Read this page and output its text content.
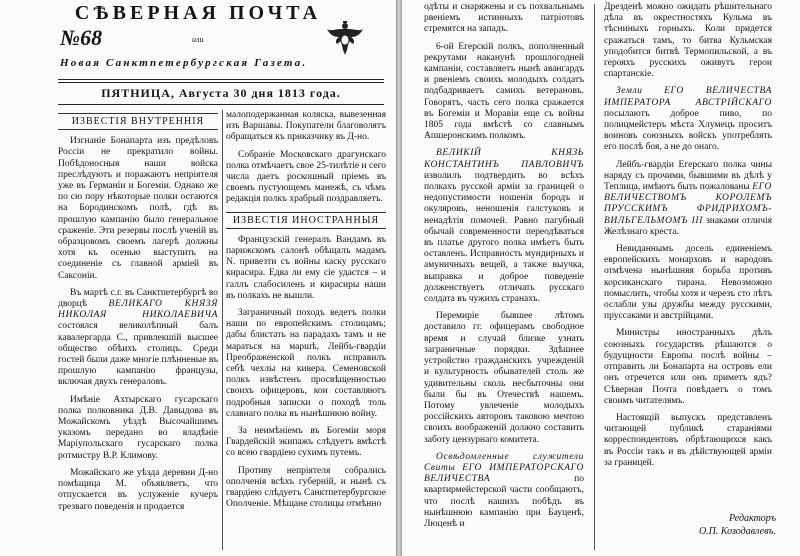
СѢВЕРНАЯ ПОЧТА
№68	или
Новая Санктпетербургская Газета.
ПЯТНИЦА, Августа 30 дня 1813 года.
ИЗВЕСТІЯ ВНУТРЕННІЯ

Изгнаніе Бонапарта изъ предѣловъ Россіи не прекратило войны. Побѣдоносныя наши войска преслѣдуютъ и поражаютъ непріятеля уже въ Германіи и Богеміи. Однако же по сю пору нѣкоторые полки остаются на Бородинскомъ полѣ, гдѣ въ прошлую кампанію было генеральное сраженіе. Эти резервы послѣ ученій въ образцовомъ своемъ лагерѣ должны хотя къ осенью выступить на соединеніе съ главной арміей въ Саксоніи.

Въ мартѣ с.г. въ Санктпетербургѣ во дворцѣ ВЕЛИКАГО КНЯЗЯ НИКОЛАЯ НИКОЛАЕВИЧА состоялся великолѣпный балъ кавалергарда С., привлекшій высшее общество обѣихъ столицъ. Среди гостей были даже многіе плѣнненые въ прошлую кампанію французы, включая двухъ генераловъ.

Имѣніе Ахтырскаго гусарскаго полка полковника Д.В. Давыдова въ Можайскомъ уѣздѣ Высочайшимъ указомъ передано во владѣніе Маріупольскаго гусарскаго полка ротмистру В.Р. Климову.

Можайскаго же уѣзда деревни Д-но помѣщица М. объявляетъ, что отпускается въ услуженіе кучеръ трезваго поведенія и продается

малоподержанная коляска, вывезенная изъ Варшавы. Покупатели благоволятъ обращаться къ приказчику въ Д-но.

Собраніе Московскаго драгунскаго полка отмѣчаетъ свое 25-тилѣтіе и сего числа даетъ роскошный пріемъ въ своемъ пустующемъ манежѣ, съ чѣмъ редакція полкъ храбрый поздравляетъ.

ИЗВЕСТІЯ ИНОСТРАННЫЯ

Французскій генералъ Вандамъ въ парижскомъ салонѣ обѣщалъ мадамъ N. привезти съ войны каску русскаго кирасира. Едва ли ему сіе удастся – и галлъ слабосиленъ и кирасиры наши въ полкахъ не вышли.

Заграничный походъ ведетъ полки наши по европейскимъ столицамъ; дабы блистать на парадахъ тамъ и не мараться на маршѣ, Лейбъ-гвардіи Преображенской полкъ исправилъ себѣ чехлы на кивера. Семеновской полкъ извѣстенъ просвѣщенностью своихъ офицеровъ, кои составляютъ подробныя записки о походѣ толь славнаго полка въ нынѣшнюю войну.

За неимѣніемъ въ Богеміи моря Гвардейскій экипажъ слѣдуетъ вмѣстѣ со всею гвардіею сухимъ путемъ.

Противу непріятеля собрались ополченія всѣхъ губерній, и нынѣ съ гвардіею слѣдуетъ Санктпетербургское Ополченіе. Мѣщане столицы отмѣнно

одѣты и снаряжены и съ похвальнымъ рвеніемъ истинныхъ патріотовъ стремятся на западъ.

6-ой Егерскій полкъ, пополненный рекрутами наканунѣ прошлогодней кампаніи, составляетъ нынѣ авангардъ и рвеніемъ своихъ молодыхъ солдатъ подбадриваетъ самихъ ветерановъ. Говорятъ, часть сего полка сражается въ Богеміи и Моравіи еще съ войны 1805 года вмѣстѣ со славнымъ Апшеронскимъ полкомъ.

ВЕЛИКІЙ КНЯЗЬ КОНСТАНТИНЪ ПАВЛОВИЧЪ изволилъ подтвердить во всѣхъ полкахъ русской арміи за границей о недопустимости ношенія бородъ и окуляровъ, неношенія галстуковъ и ненадѣтія помочей. Равно пагубный обычай современности переодѣваться въ платье другого полка имѣетъ быть оставленъ. Исправность мундирныхъ и амуничныхъ вещей, а также выучка, выправка и доброе поведеніе долженствуетъ отличать русскаго солдата въ чужихъ странахъ.

Перемиріе бывшее лѣтомъ доставило гг. офицерамъ свободное время и случай близке узнать заграничные порядки. Здѣшнее устройство гражданскихъ учрежденій и культурность обывателей столь же удивительны сколь несбыточны они были бы въ Отечествѣ нашемъ. Потому увлеченіе молодыхъ россійскихъ авторовъ таковою мечтою своихъ воображеній должно составить заботу цензурнаго комитета.

Освѣдомленные служители Свиты ЕГО ИМПЕРАТОРСКАГО ВЕЛИЧЕСТВА	по квартирмейстерской части сообщаютъ, что послѣ нашихъ побѣдъ въ нынѣшнюю кампанію при Бауценѣ, Люценѣ и

Дрезденѣ можно ожидать рѣшительнаго дѣла въ окрестностяхъ Кульма въ тѣсниныхъ горныхъ. Коли придется сражаться тамъ, то битва Кульмская уподобится битвѣ Термопильской, а въ герояхъ русскихъ оживутъ герои спартанскіе.

Земли ЕГО ВЕЛИЧЕСТВА ИМПЕРАТОРА АВСТРІЙСКАГО посылаютъ доброе пиво, по полицмейстеръ мѣста Хлумецъ проситъ воиновъ союзныхъ войскъ употреблять его послѣ боя, а не до онаго.

Лейбъ-гвардіи Егерскаго полка чины наряду съ прочими, бывшими въ дѣлѣ у Теплица, имѣютъ быть пожалованы ЕГО ВЕЛИЧЕСТВОМЪ КОРОЛЕМЪ ПРУССКИМЪ ФРИДРИХОМЪ-ВИЛЬГЕЛЬМОМЪ III знаками отличія Желѣзнаго креста.

Невиданнымъ досель единеніемъ европейскихъ монарховъ и народовъ отмѣчена нынѣшняя борьба противъ корсиканскаго тирана. Невозможно помыслить, чтобы хотя и черезъ сто лѣтъ ослабли узы дружбы между русскими, пруссаками и австрійцами.

Министры иностранныхъ дѣлъ союзныхъ государствъ рѣшаются о будущности Европы послѣ войны – отправить ли Бонапарта на островъ ели онъ отречется или онъ приметъ ядъ? Сѣверная Почта повѣдаетъ о томъ своимъ читателямъ.

Настоящій выпускъ представленъ читающей публикѣ стараніями корреспондентовъ обрѣтающихся какъ въ Россіи такъ и въ дѣйствующей арміи за границей.

Редакторъ
О.П. Козодавлевъ.
